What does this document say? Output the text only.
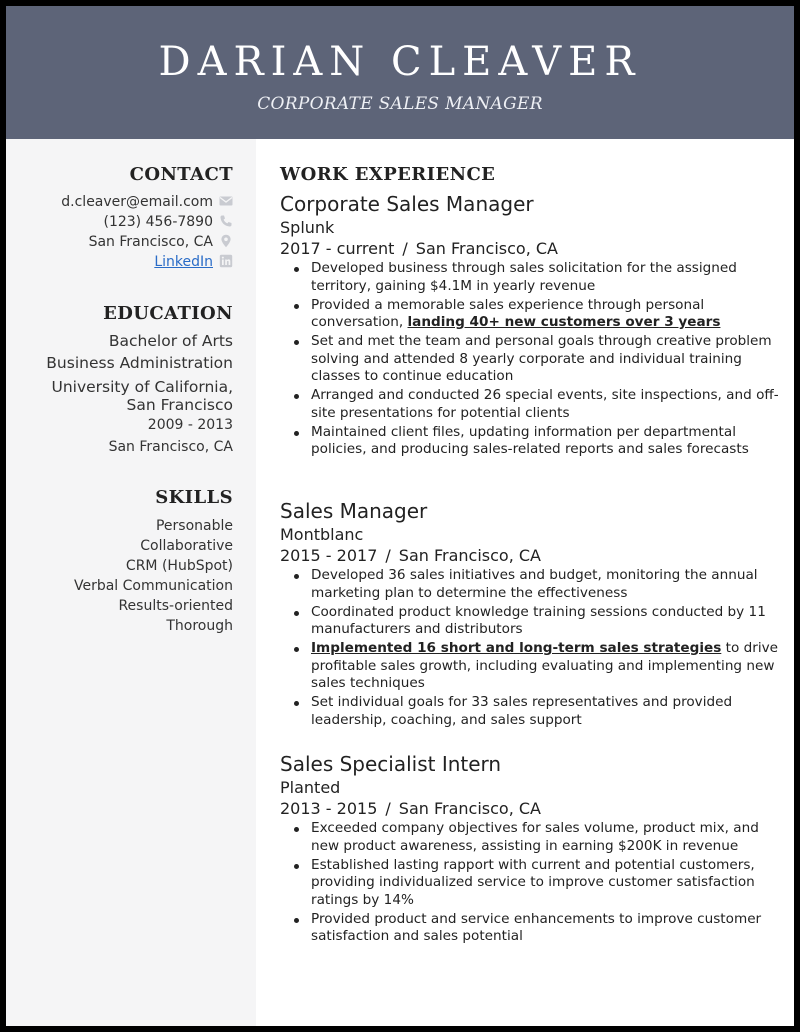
DARIAN CLEAVER
CORPORATE SALES MANAGER
CONTACT
d.cleaver@email.com
(123) 456-7890
San Francisco, CA
LinkedIn
EDUCATION
Bachelor of Arts
Business Administration
University of California,
San Francisco
2009 - 2013
San Francisco, CA
SKILLS
Personable
Collaborative
CRM (HubSpot)
Verbal Communication
Results-oriented
Thorough
WORK EXPERIENCE
Corporate Sales Manager
Splunk
2017 - current / San Francisco, CA
Developed business through sales solicitation for the assigned territory, gaining $4.1M in yearly revenue
Provided a memorable sales experience through personal conversation, landing 40+ new customers over 3 years
Set and met the team and personal goals through creative problem solving and attended 8 yearly corporate and individual training classes to continue education
Arranged and conducted 26 special events, site inspections, and off-site presentations for potential clients
Maintained client files, updating information per departmental policies, and producing sales-related reports and sales forecasts
Sales Manager
Montblanc
2015 - 2017 / San Francisco, CA
Developed 36 sales initiatives and budget, monitoring the annual marketing plan to determine the effectiveness
Coordinated product knowledge training sessions conducted by 11 manufacturers and distributors
Implemented 16 short and long-term sales strategies to drive profitable sales growth, including evaluating and implementing new sales techniques
Set individual goals for 33 sales representatives and provided leadership, coaching, and sales support
Sales Specialist Intern
Planted
2013 - 2015 / San Francisco, CA
Exceeded company objectives for sales volume, product mix, and new product awareness, assisting in earning $200K in revenue
Established lasting rapport with current and potential customers, providing individualized service to improve customer satisfaction ratings by 14%
Provided product and service enhancements to improve customer satisfaction and sales potential
